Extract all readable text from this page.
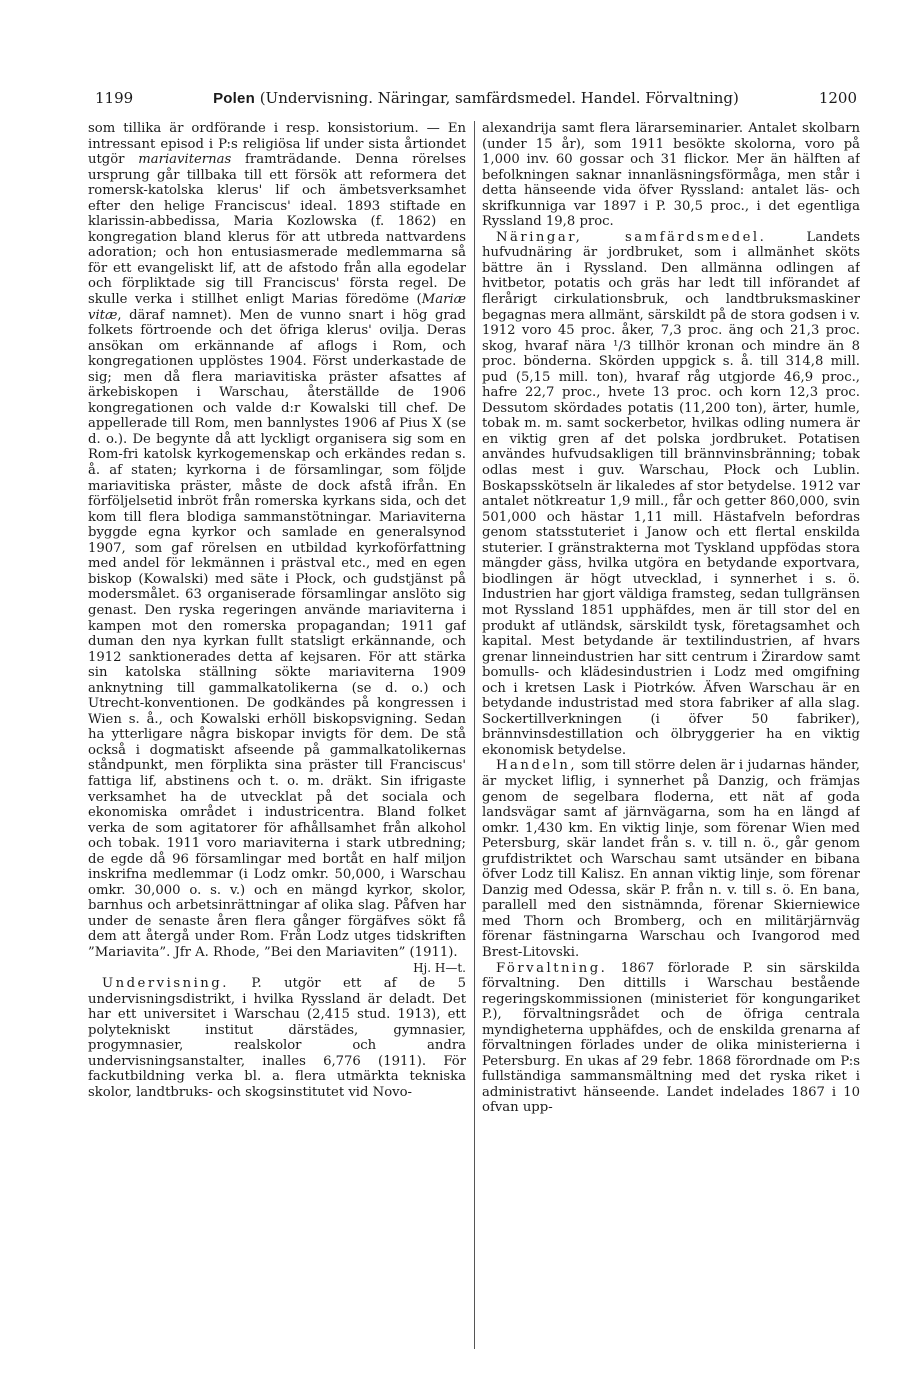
1199	Polen (Undervisning. Näringar, samfärdsmedel. Handel. Förvaltning)	1200

som tillika är ordförande i resp. konsistorium. — En intressant episod i P:s religiösa lif under sista årtiondet utgör mariaviternas framträdande. Denna rörelses ursprung går tillbaka till ett försök att reformera det romersk-katolska klerus' lif och ämbetsverksamhet efter den helige Franciscus' ideal. 1893 stiftade en klarissin-abbedissa, Maria Kozlowska (f. 1862) en kongregation bland klerus för att utbreda nattvardens adoration; och hon entusiasmerade medlemmarna så för ett evangeliskt lif, att de afstodo från alla egodelar och förpliktade sig till Franciscus' första regel. De skulle verka i stillhet enligt Marias föredöme (Mariæ vitæ, däraf namnet). Men de vunno snart i hög grad folkets förtroende och det öfriga klerus' ovilja. Deras ansökan om erkännande af aflogs i Rom, och kongregationen upplöstes 1904. Först underkastade de sig; men då flera mariavitiska präster afsattes af ärkebiskopen i Warschau, återställde de 1906 kongregationen och valde d:r Kowalski till chef. De appellerade till Rom, men bannlystes 1906 af Pius X (se d. o.). De begynte då att lyckligt organisera sig som en Rom-fri katolsk kyrkogemenskap och erkändes redan s. å. af staten; kyrkorna i de församlingar, som följde mariavitiska präster, måste de dock afstå ifrån. En förföljelsetid inbröt från romerska kyrkans sida, och det kom till flera blodiga sammanstötningar. Mariaviterna byggde egna kyrkor och samlade en generalsynod 1907, som gaf rörelsen en utbildad kyrkoförfattning med andel för lekmännen i prästval etc., med en egen biskop (Kowalski) med säte i Płock, och gudstjänst på modersmålet. 63 organiserade församlingar anslöto sig genast. Den ryska regeringen använde mariaviterna i kampen mot den romerska propagandan; 1911 gaf duman den nya kyrkan fullt statsligt erkännande, och 1912 sanktionerades detta af kejsaren. För att stärka sin katolska ställning sökte mariaviterna 1909 anknytning till gammalkatolikerna (se d. o.) och Utrecht-konventionen. De godkändes på kongressen i Wien s. å., och Kowalski erhöll biskopsvigning. Sedan ha ytterligare några biskopar invigts för dem. De stå också i dogmatiskt afseende på gammalkatolikernas ståndpunkt, men förplikta sina präster till Franciscus' fattiga lif, abstinens och t. o. m. dräkt. Sin ifrigaste verksamhet ha de utvecklat på det sociala och ekonomiska området i industricentra. Bland folket verka de som agitatorer för afhållsamhet från alkohol och tobak. 1911 voro mariaviterna i stark utbredning; de egde då 96 församlingar med bortåt en half miljon inskrifna medlemmar (i Lodz omkr. 50,000, i Warschau omkr. 30,000 o. s. v.) och en mängd kyrkor, skolor, barnhus och arbetsinrättningar af olika slag. Påfven har under de senaste åren flera gånger förgäfves sökt få dem att återgå under Rom. Från Lodz utges tidskriften ”Mariavita”. Jfr A. Rhode, ”Bei den Mariaviten” (1911).
Hj. H—t.

Undervisning. P. utgör ett af de 5 undervisningsdistrikt, i hvilka Ryssland är deladt. Det har ett universitet i Warschau (2,415 stud. 1913), ett polytekniskt institut därstädes, gymnasier, progymnasier, realskolor och andra undervisningsanstalter, inalles 6,776 (1911). För fackutbildning verka bl. a. flera utmärkta tekniska skolor, landtbruks- och skogsinstitutet vid Novo-

alexandrija samt flera lärarseminarier. Antalet skolbarn (under 15 år), som 1911 besökte skolorna, voro på 1,000 inv. 60 gossar och 31 flickor. Mer än hälften af befolkningen saknar innanläsningsförmåga, men står i detta hänseende vida öfver Ryssland: antalet läs- och skrifkunniga var 1897 i P. 30,5 proc., i det egentliga Ryssland 19,8 proc.

Näringar, samfärdsmedel. Landets hufvudnäring är jordbruket, som i allmänhet sköts bättre än i Ryssland. Den allmänna odlingen af hvitbetor, potatis och gräs har ledt till införandet af flerårigt cirkulationsbruk, och landtbruksmaskiner begagnas mera allmänt, särskildt på de stora godsen i v. 1912 voro 45 proc. åker, 7,3 proc. äng och 21,3 proc. skog, hvaraf nära ¹/3 tillhör kronan och mindre än 8 proc. bönderna. Skörden uppgick s. å. till 314,8 mill. pud (5,15 mill. ton), hvaraf råg utgjorde 46,9 proc., hafre 22,7 proc., hvete 13 proc. och korn 12,3 proc. Dessutom skördades potatis (11,200 ton), ärter, humle, tobak m. m. samt sockerbetor, hvilkas odling numera är en viktig gren af det polska jordbruket. Potatisen användes hufvudsakligen till brännvinsbränning; tobak odlas mest i guv. Warschau, Płock och Lublin. Boskapsskötseln är likaledes af stor betydelse. 1912 var antalet nötkreatur 1,9 mill., får och getter 860,000, svin 501,000 och hästar 1,11 mill. Hästafveln befordras genom statsstuteriet i Janow och ett flertal enskilda stuterier. I gränstrakterna mot Tyskland uppfödas stora mängder gäss, hvilka utgöra en betydande exportvara, biodlingen är högt utvecklad, i synnerhet i s. ö. Industrien har gjort väldiga framsteg, sedan tullgränsen mot Ryssland 1851 upphäfdes, men är till stor del en produkt af utländsk, särskildt tysk, företagsamhet och kapital. Mest betydande är textilindustrien, af hvars grenar linneindustrien har sitt centrum i Żirardow samt bomulls- och klädesindustrien i Lodz med omgifning och i kretsen Lask i Piotrków. Äfven Warschau är en betydande industristad med stora fabriker af alla slag. Sockertillverkningen (i öfver 50 fabriker), brännvinsdestillation och ölbryggerier ha en viktig ekonomisk betydelse.

Handeln, som till större delen är i judarnas händer, är mycket liflig, i synnerhet på Danzig, och främjas genom de segelbara floderna, ett nät af goda landsvägar samt af järnvägarna, som ha en längd af omkr. 1,430 km. En viktig linje, som förenar Wien med Petersburg, skär landet från s. v. till n. ö., går genom grufdistriktet och Warschau samt utsänder en bibana öfver Lodz till Kalisz. En annan viktig linje, som förenar Danzig med Odessa, skär P. från n. v. till s. ö. En bana, parallell med den sistnämnda, förenar Skierniewice med Thorn och Bromberg, och en militärjärnväg förenar fästningarna Warschau och Ivangorod med Brest-Litovski.

Förvaltning. 1867 förlorade P. sin särskilda förvaltning. Den dittills i Warschau bestående regeringskommissionen (ministeriet för kongungariket P.), förvaltningsrådet och de öfriga centrala myndigheterna upphäfdes, och de enskilda grenarna af förvaltningen förlades under de olika ministerierna i Petersburg. En ukas af 29 febr. 1868 förordnade om P:s fullständiga sammansmältning med det ryska riket i administrativt hänseende. Landet indelades 1867 i 10 ofvan upp-
